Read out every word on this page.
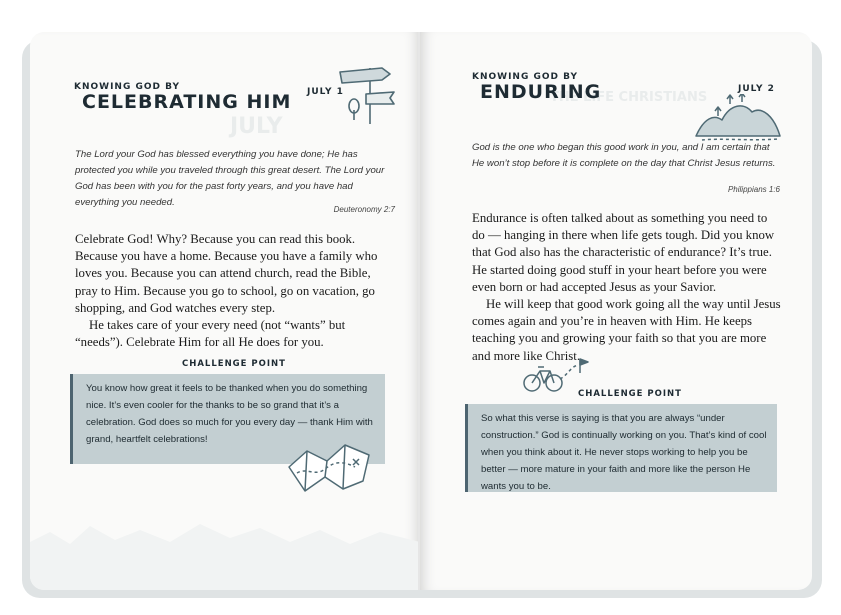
JULY
KNOWING GOD BY
CELEBRATING HIM JULY 1
The Lord your God has blessed everything you have done; He has protected you while you traveled through this great desert. The Lord your God has been with you for the past forty years, and you have had everything you needed.
Deuteronomy 2:7

Celebrate God! Why? Because you can read this book. Because you have a home. Because you have a family who loves you. Because you can attend church, read the Bible, pray to Him. Because you go to school, go on vacation, go shopping, and God watches every step.

He takes care of your every need (not “wants” but “needs”). Celebrate Him for all He does for you.

CHALLENGE POINT
You know how great it feels to be thanked when you do something nice. It’s even cooler for the thanks to be so grand that it’s a celebration. God does so much for you every day — thank Him with grand, heartfelt celebrations!
THE LIFE CHRISTIANS
KNOWING GOD BY
ENDURING	JULY 2
God is the one who began this good work in you, and I am certain that He won’t stop before it is complete on the day that Christ Jesus returns.
Philippians 1:6

Endurance is often talked about as something you need to do — hanging in there when life gets tough. Did you know that God also has the characteristic of endurance? It’s true. He started doing good stuff in your heart before you were even born or had accepted Jesus as your Savior.

He will keep that good work going all the way until Jesus comes again and you’re in heaven with Him. He keeps teaching you and growing your faith so that you are more and more like Christ.

CHALLENGE POINT
So what this verse is saying is that you are always “under construction.” God is continually working on you. That’s kind of cool when you think about it. He never stops working to help you be better — more mature in your faith and more like the person He wants you to be.
